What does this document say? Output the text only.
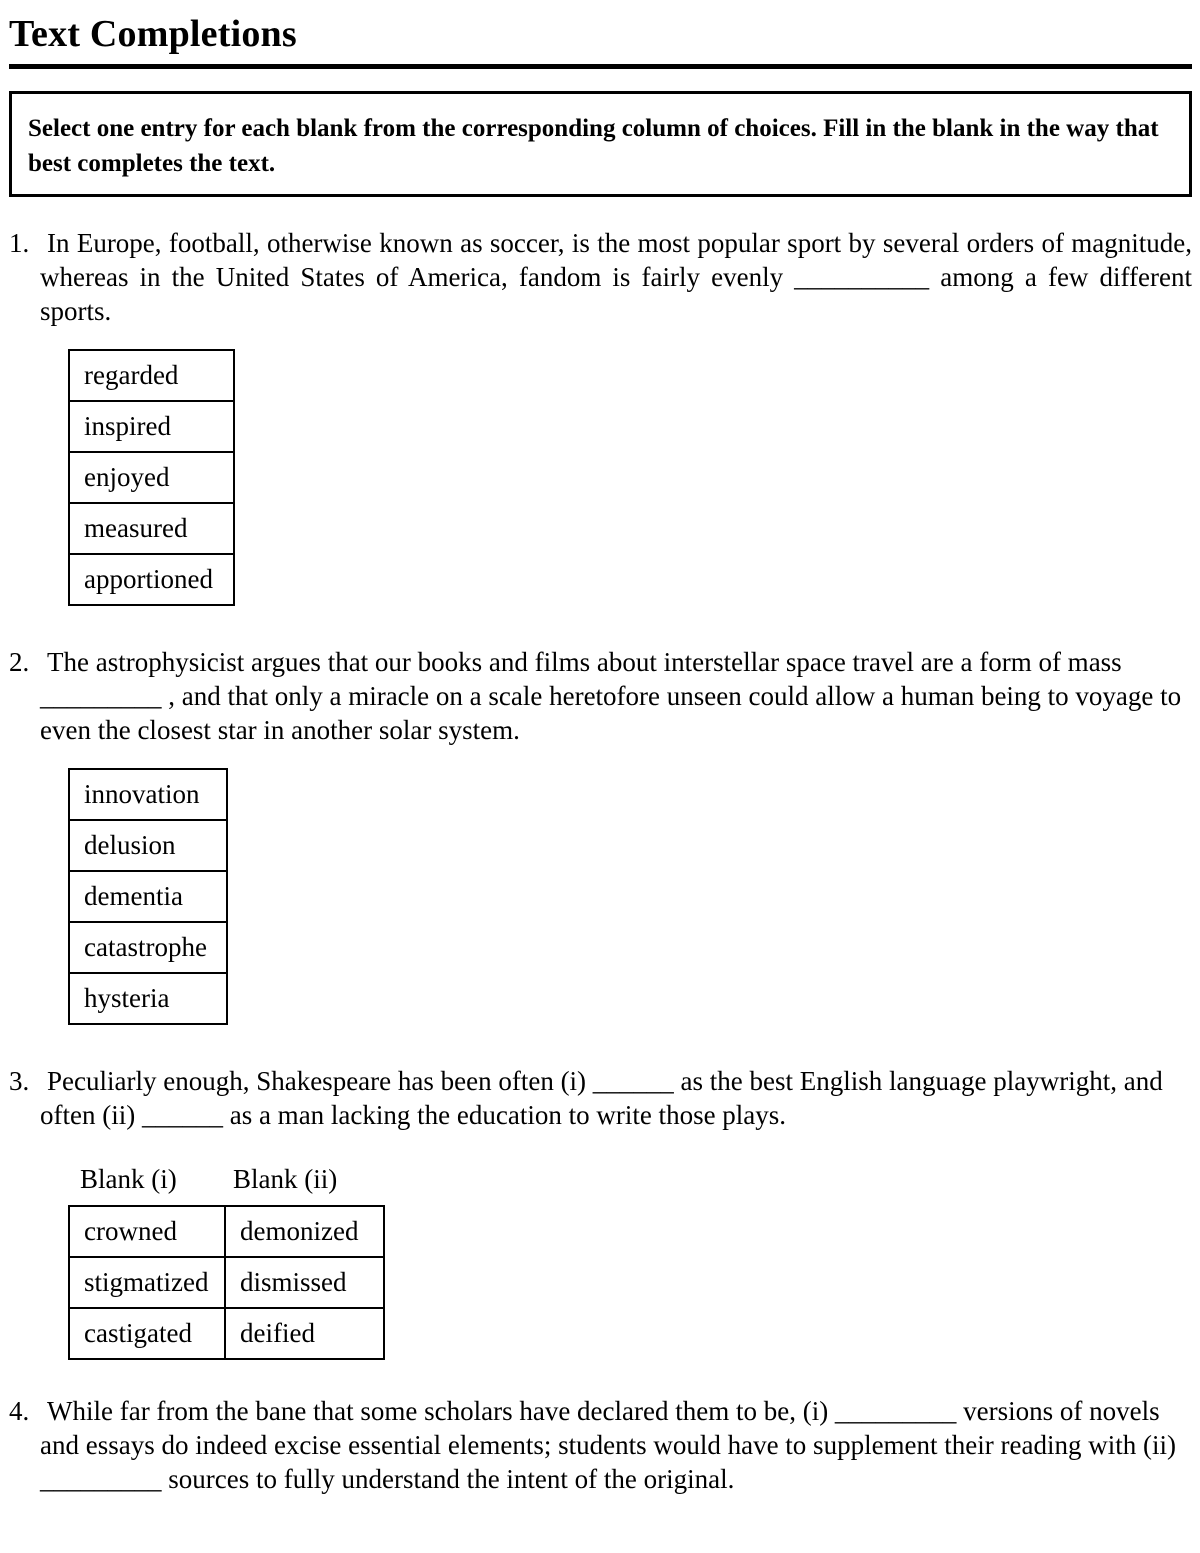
Text Completions
Select one entry for each blank from the corresponding column of choices. Fill in the blank in the way that best completes the text.
1. In Europe, football, otherwise known as soccer, is the most popular sport by several orders of magnitude, whereas in the United States of America, fandom is fairly evenly __________ among a few different sports.
regarded
inspired
enjoyed
measured
apportioned
2. The astrophysicist argues that our books and films about interstellar space travel are a form of mass _________ , and that only a miracle on a scale heretofore unseen could allow a human being to voyage to even the closest star in another solar system.
innovation
delusion
dementia
catastrophe
hysteria
3. Peculiarly enough, Shakespeare has been often (i) ______ as the best English language playwright, and often (ii) ______ as a man lacking the education to write those plays.
Blank (i) Blank (ii)
crowned	demonized
stigmatized	dismissed
castigated	deified
4. While far from the bane that some scholars have declared them to be, (i) _________ versions of novels and essays do indeed excise essential elements; students would have to supplement their reading with (ii) _________ sources to fully understand the intent of the original.
